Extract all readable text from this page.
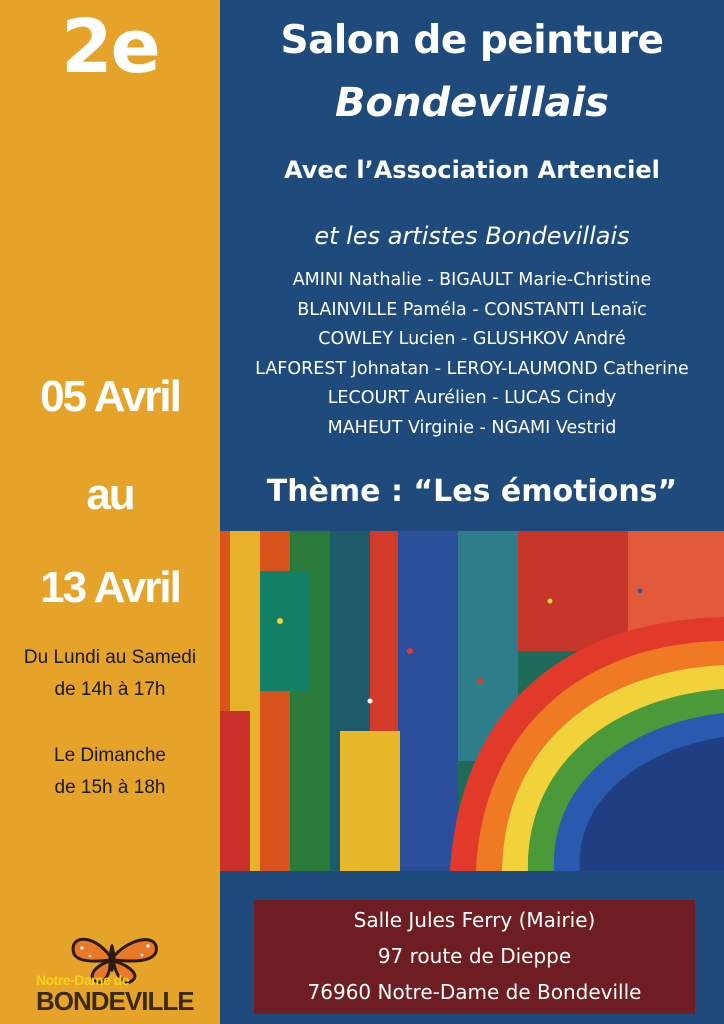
2e
05 Avril
au
13 Avril
Du Lundi au Samedi
de 14h à 17h
Le Dimanche
de 15h à 18h
Notre-Dame de
BONDEVILLE
Salon de peinture
Bondevillais
Avec l’Association Artenciel
et les artistes Bondevillais
AMINI Nathalie - BIGAULT Marie-Christine
BLAINVILLE Paméla - CONSTANTI Lenaïc
COWLEY Lucien - GLUSHKOV André
LAFOREST Johnatan - LEROY-LAUMOND Catherine
LECOURT Aurélien - LUCAS Cindy
MAHEUT Virginie - NGAMI Vestrid
Thème : “Les émotions”
Salle Jules Ferry (Mairie)
97 route de Dieppe
76960 Notre-Dame de Bondeville
